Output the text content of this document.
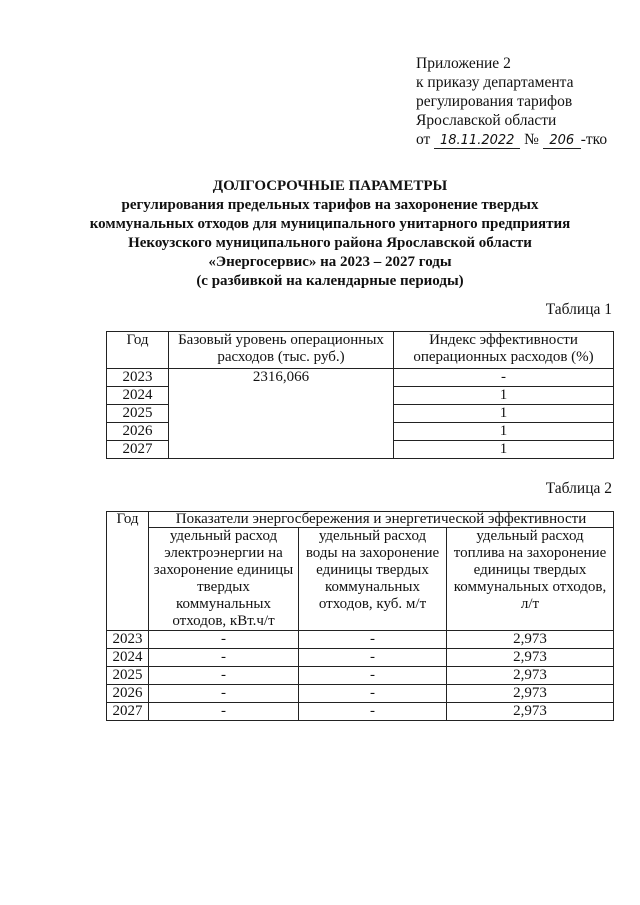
Приложение 2
к приказу департамента
регулирования тарифов
Ярославской области
от 18.11.2022 № 206 -тко
ДОЛГОСРОЧНЫЕ ПАРАМЕТРЫ
регулирования предельных тарифов на захоронение твердых
коммунальных отходов для муниципального унитарного предприятия
Некоузского муниципального района Ярославской области
«Энергосервис» на 2023 – 2027 годы
(с разбивкой на календарные периоды)
Таблица 1
Год	Базовый уровень операционных расходов (тыс. руб.)	Индекс эффективности операционных расходов (%)
2023	2316,066	-
2024		1
2025		1
2026		1
2027		1
Таблица 2
Год	Показатели энергосбережения и энергетической эффективности		
	удельный расход электроэнергии на захоронение единицы твердых коммунальных отходов, кВт.ч/т	удельный расход воды на захоронение единицы твердых коммунальных отходов, куб. м/т	удельный расход топлива на захоронение единицы твердых коммунальных отходов, л/т
2023	-	-	2,973
2024	-	-	2,973
2025	-	-	2,973
2026	-	-	2,973
2027	-	-	2,973
